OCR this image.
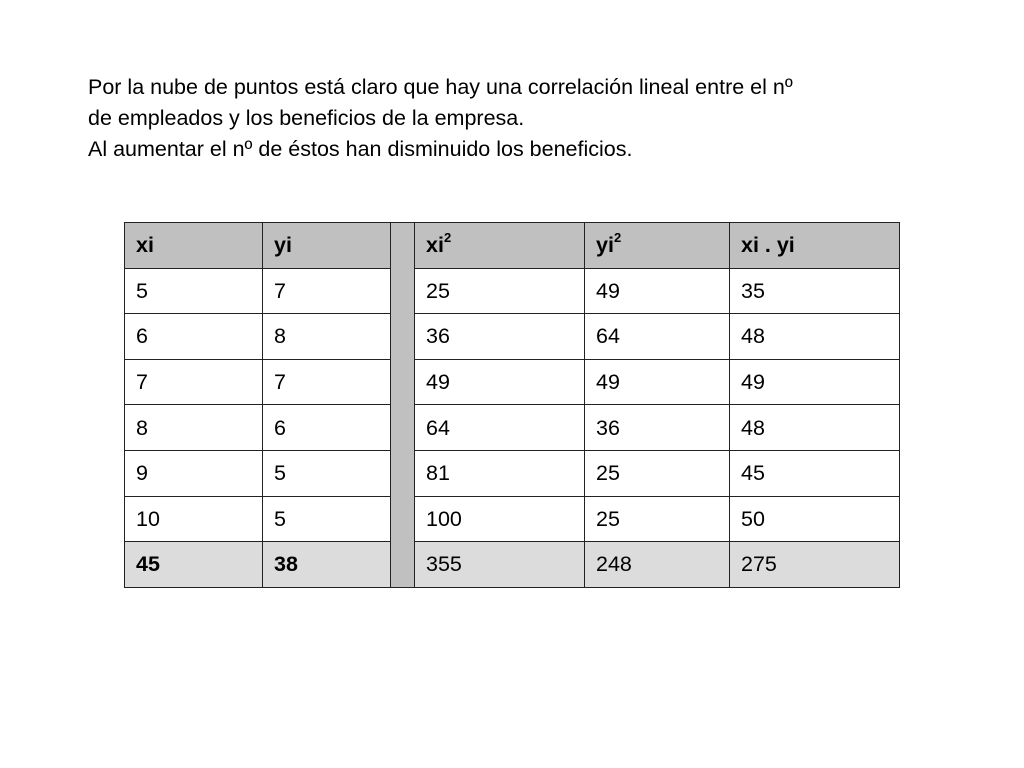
Por la nube de puntos está claro que hay una correlación lineal entre el nº

de empleados y los beneficios de la empresa.

Al aumentar el nº de éstos han disminuido los beneficios.

xi	yi		$xi^2$	$yi^2$	xi . yi
5	7		25	49	35
6	8		36	64	48
7	7		49	49	49
8	6		64	36	48
9	5		81	25	45
10	5		100	25	50
45	38		355	248	275
